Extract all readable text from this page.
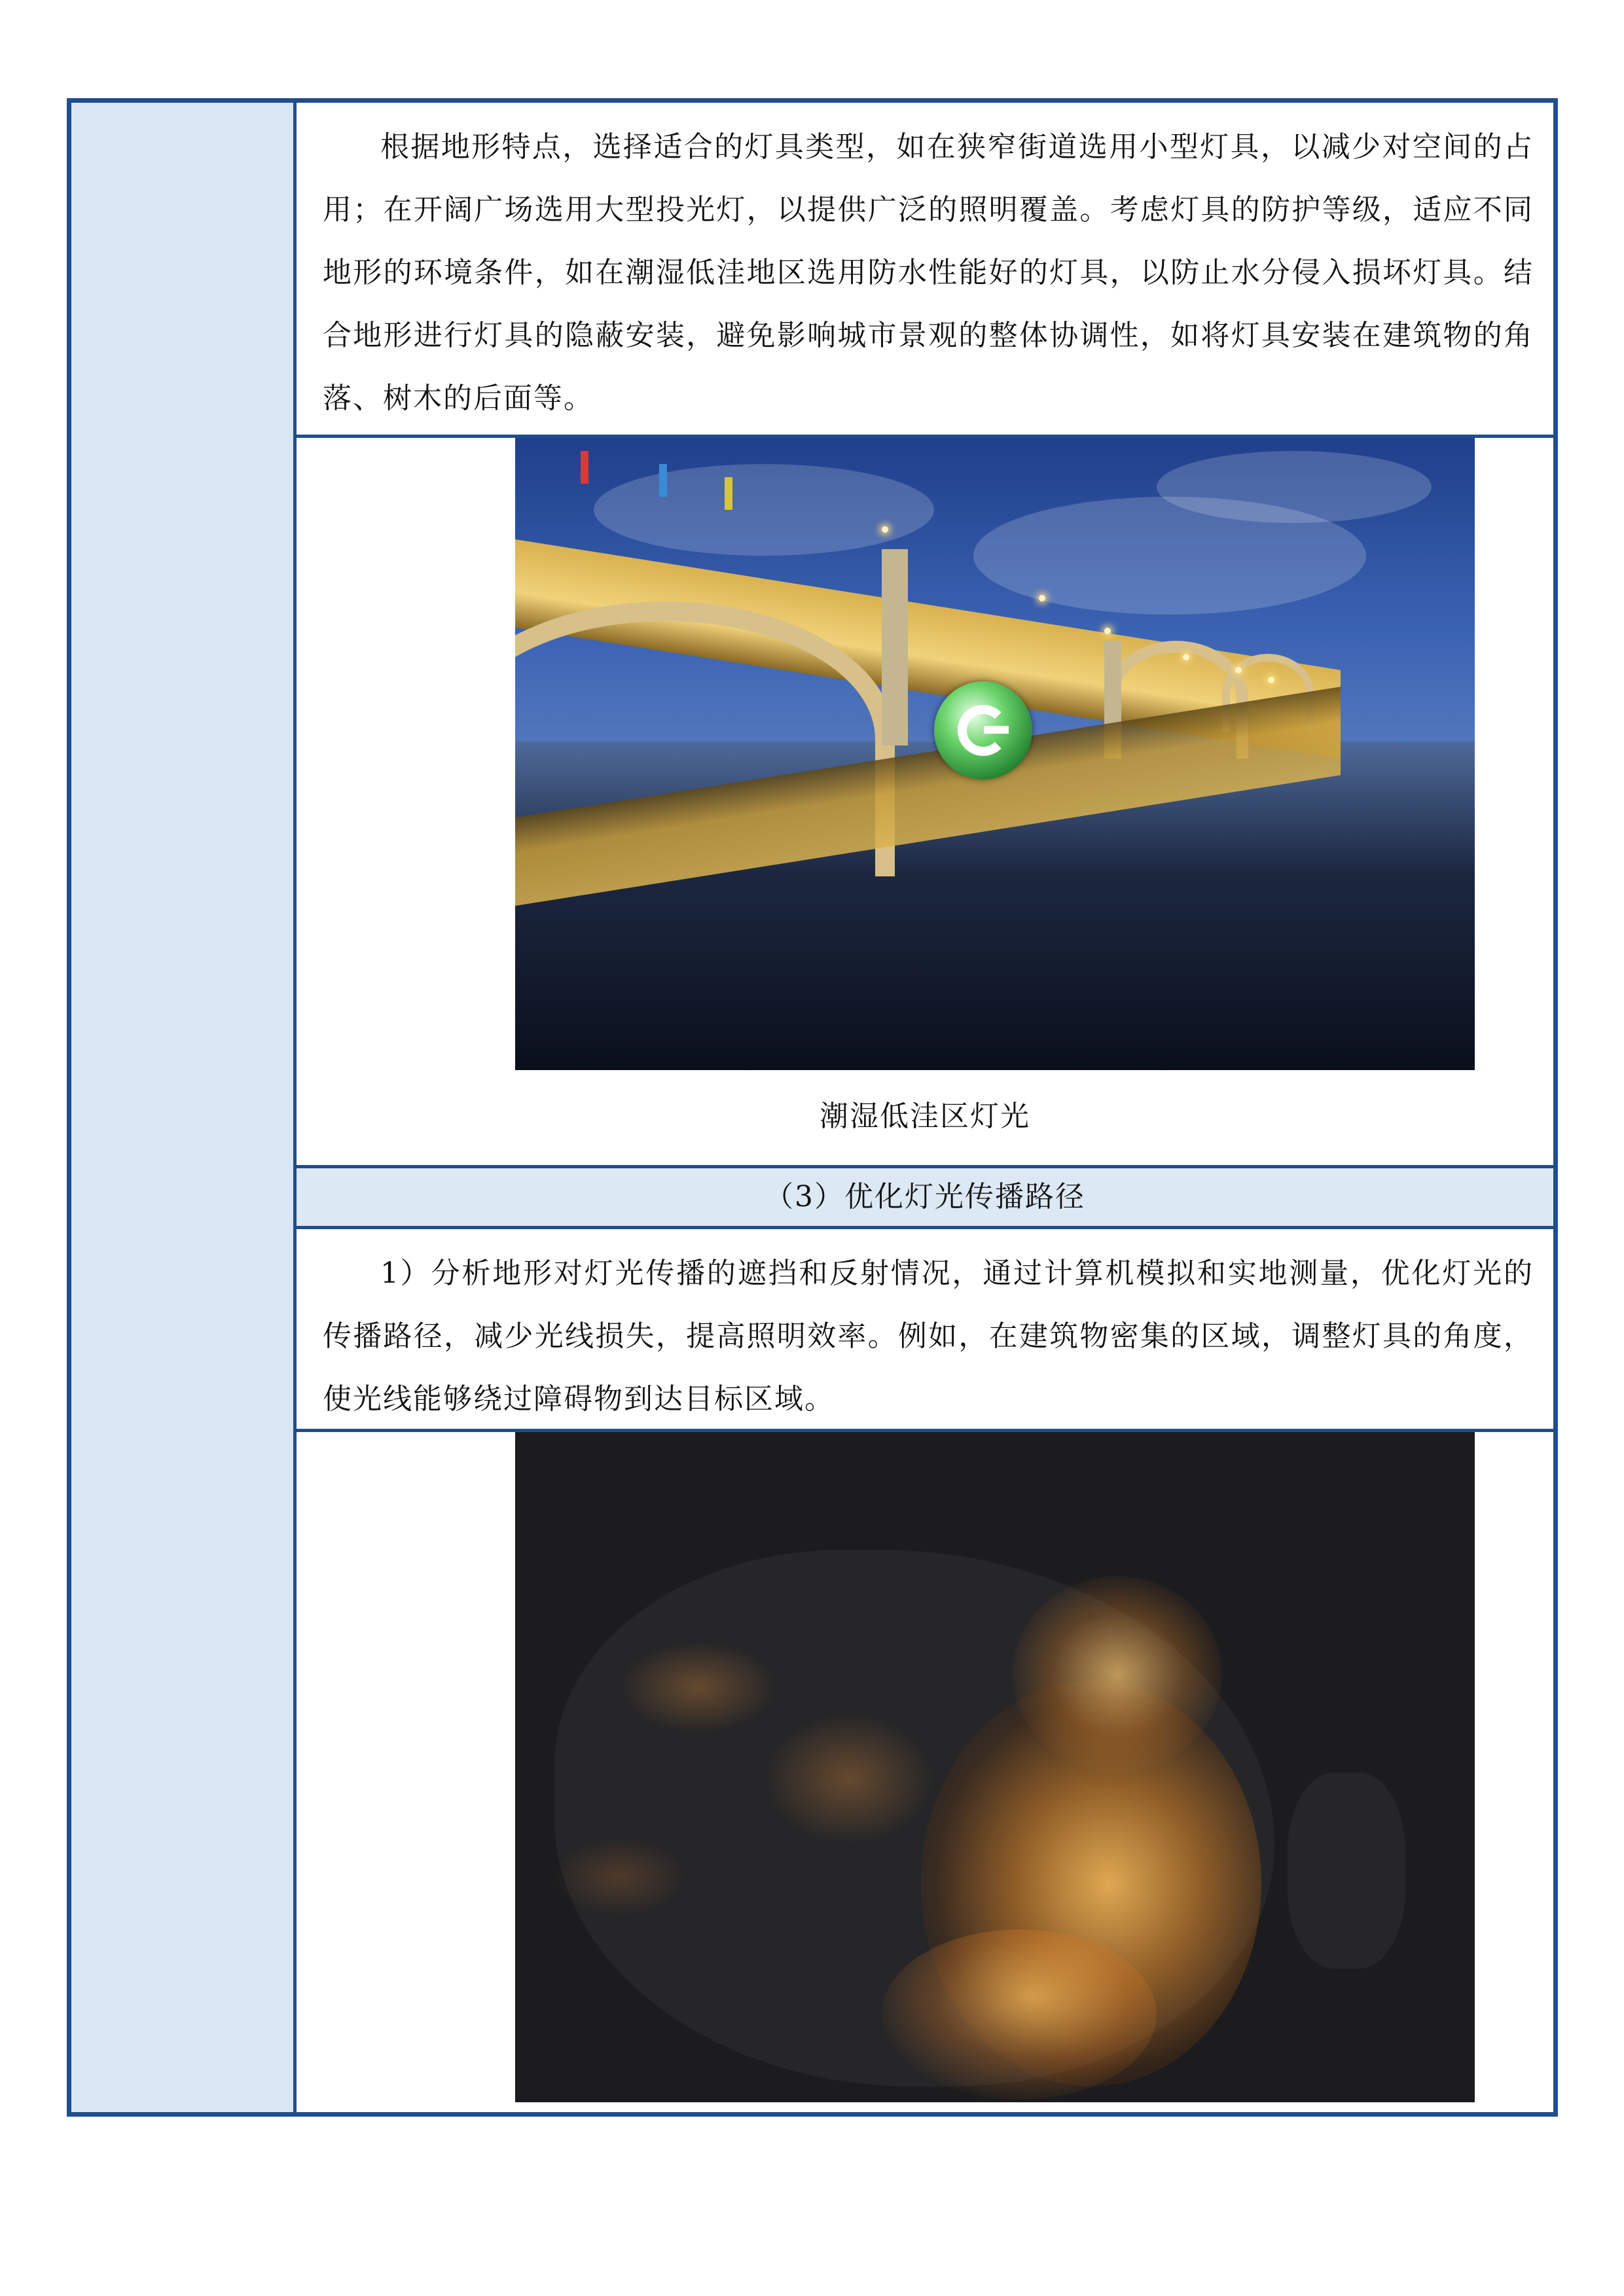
根据地形特点，选择适合的灯具类型，如在狭窄街道选用小型灯具，以减少对空间的占用；在开阔广场选用大型投光灯，以提供广泛的照明覆盖。考虑灯具的防护等级，适应不同地形的环境条件，如在潮湿低洼地区选用防水性能好的灯具，以防止水分侵入损坏灯具。结合地形进行灯具的隐蔽安装，避免影响城市景观的整体协调性，如将灯具安装在建筑物的角落、树木的后面等。

潮湿低洼区灯光
（3）优化灯光传播路径

1）分析地形对灯光传播的遮挡和反射情况，通过计算机模拟和实地测量，优化灯光的传播路径，减少光线损失，提高照明效率。例如，在建筑物密集的区域，调整灯具的角度，使光线能够绕过障碍物到达目标区域。
